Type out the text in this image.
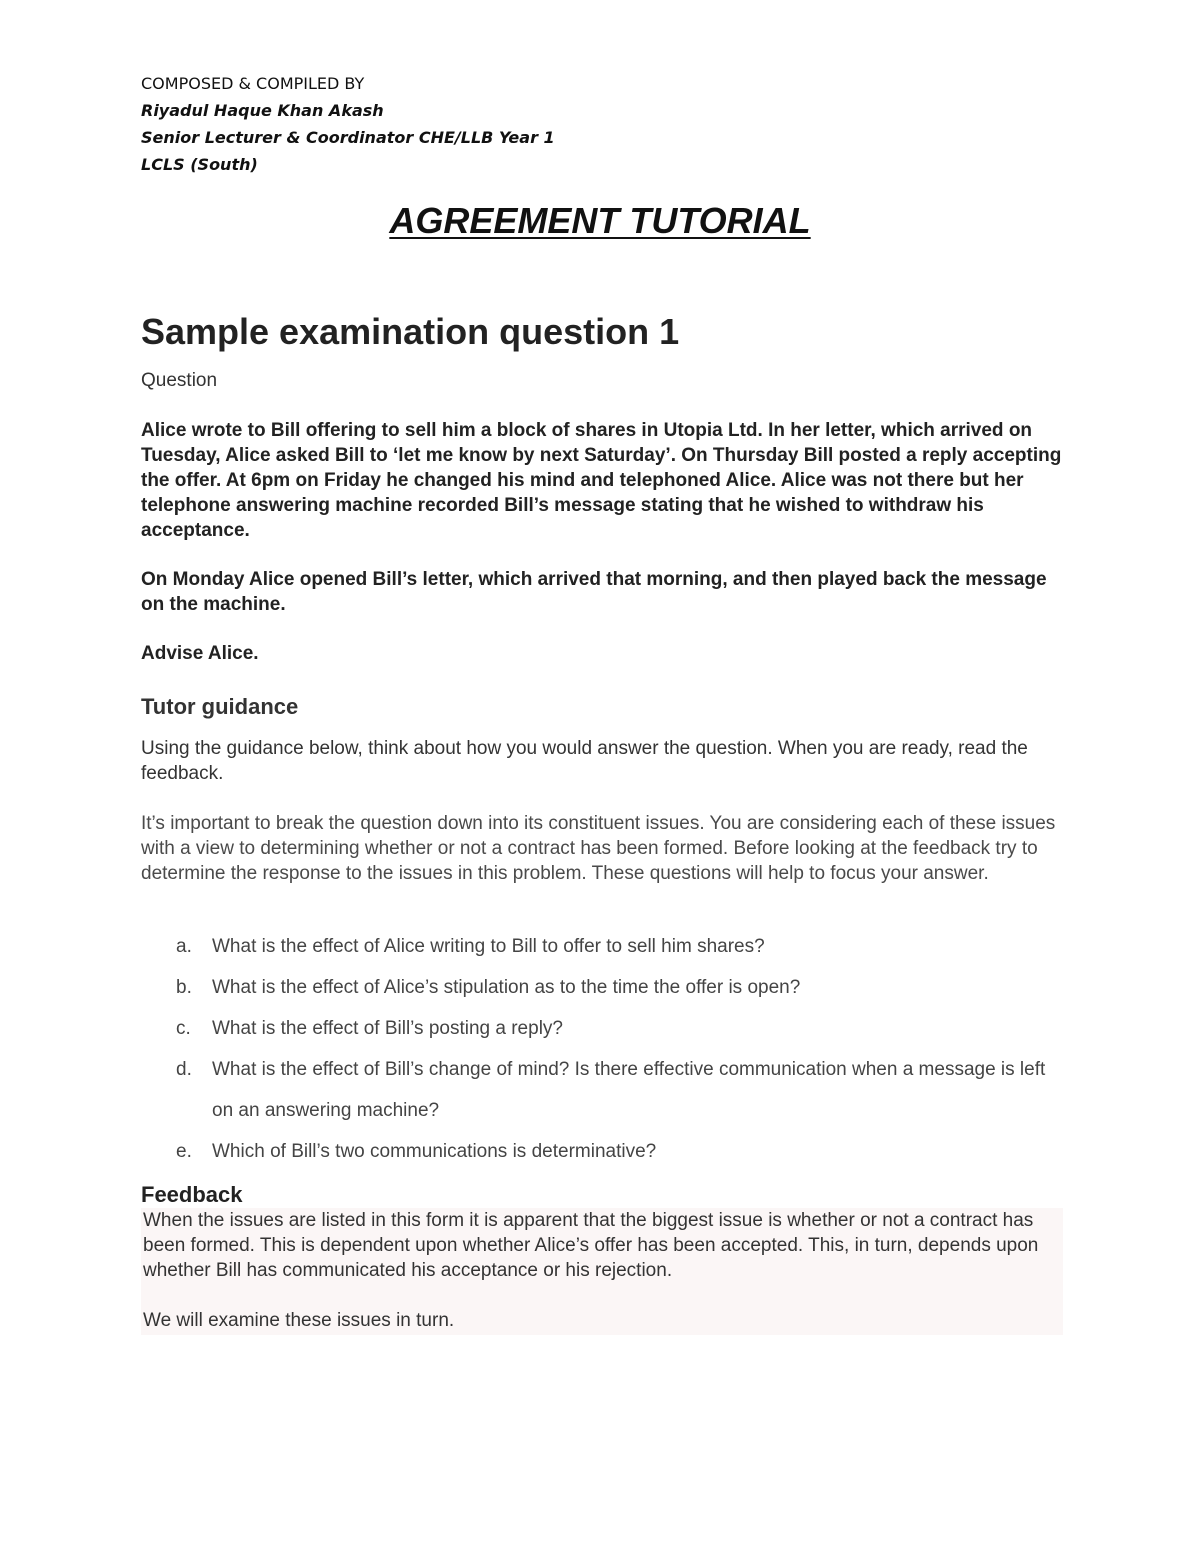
COMPOSED & COMPILED BY
Riyadul Haque Khan Akash
Senior Lecturer & Coordinator CHE/LLB Year 1
LCLS (South)
AGREEMENT TUTORIAL
Sample examination question 1
Question
Alice wrote to Bill offering to sell him a block of shares in Utopia Ltd. In her letter, which arrived on Tuesday, Alice asked Bill to ‘let me know by next Saturday’. On Thursday Bill posted a reply accepting the offer. At 6pm on Friday he changed his mind and telephoned Alice. Alice was not there but her telephone answering machine recorded Bill’s message stating that he wished to withdraw his acceptance.
On Monday Alice opened Bill’s letter, which arrived that morning, and then played back the message on the machine.
Advise Alice.
Tutor guidance
Using the guidance below, think about how you would answer the question. When you are ready, read the feedback.
It’s important to break the question down into its constituent issues. You are considering each of these issues with a view to determining whether or not a contract has been formed. Before looking at the feedback try to determine the response to the issues in this problem. These questions will help to focus your answer.
a.	What is the effect of Alice writing to Bill to offer to sell him shares?
b.	What is the effect of Alice’s stipulation as to the time the offer is open?
c.	What is the effect of Bill’s posting a reply?
d.	What is the effect of Bill’s change of mind? Is there effective communication when a message is left on an answering machine?
e.	Which of Bill’s two communications is determinative?
Feedback
When the issues are listed in this form it is apparent that the biggest issue is whether or not a contract has been formed. This is dependent upon whether Alice’s offer has been accepted. This, in turn, depends upon whether Bill has communicated his acceptance or his rejection.
We will examine these issues in turn.
